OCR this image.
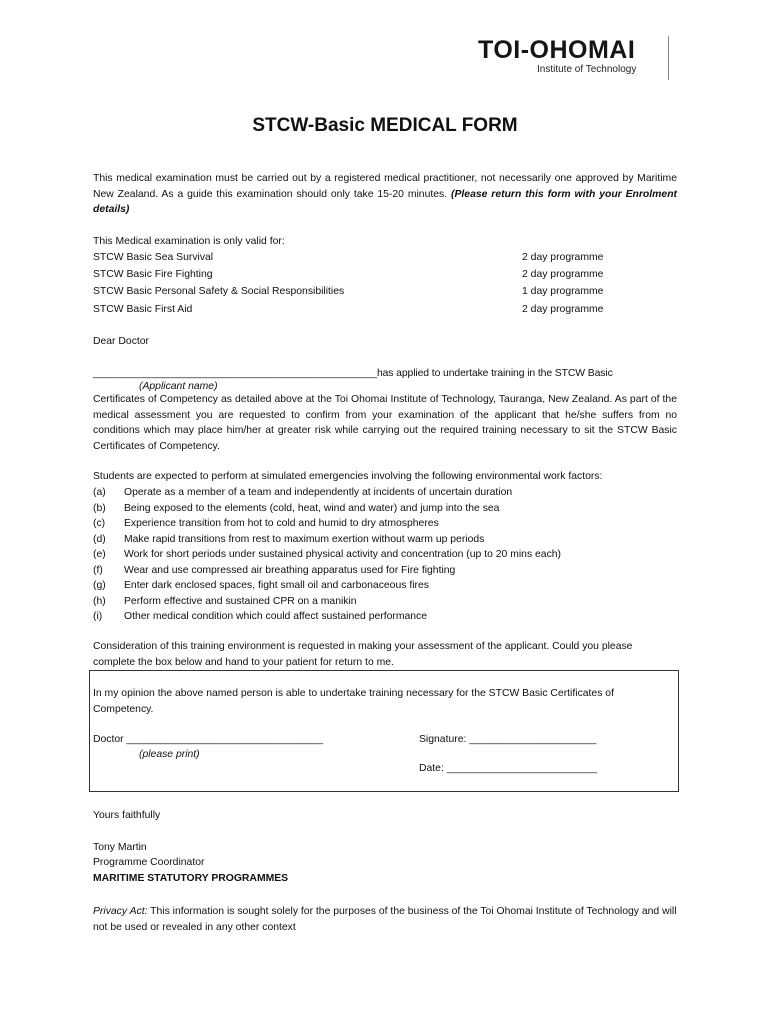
TOI-OHOMAI
Institute of Technology
STCW-Basic MEDICAL FORM
This medical examination must be carried out by a registered medical practitioner, not necessarily one approved by Maritime New Zealand. As a guide this examination should only take 15-20 minutes. (Please return this form with your Enrolment details)
This Medical examination is only valid for:
STCW Basic Sea Survival	2 day programme
STCW Basic Fire Fighting	2 day programme
STCW Basic Personal Safety & Social Responsibilities	1 day programme
STCW Basic First Aid	2 day programme
Dear Doctor
__________________________________________________has applied to undertake training in the STCW Basic
(Applicant name)
Certificates of Competency as detailed above at the Toi Ohomai Institute of Technology, Tauranga, New Zealand. As part of the medical assessment you are requested to confirm from your examination of the applicant that he/she suffers from no conditions which may place him/her at greater risk while carrying out the required training necessary to sit the STCW Basic Certificates of Competency.
Students are expected to perform at simulated emergencies involving the following environmental work factors:
(a) Operate as a member of a team and independently at incidents of uncertain duration
(b) Being exposed to the elements (cold, heat, wind and water) and jump into the sea
(c) Experience transition from hot to cold and humid to dry atmospheres
(d) Make rapid transitions from rest to maximum exertion without warm up periods
(e) Work for short periods under sustained physical activity and concentration (up to 20 mins each)
(f) Wear and use compressed air breathing apparatus used for Fire fighting
(g) Enter dark enclosed spaces, fight small oil and carbonaceous fires
(h) Perform effective and sustained CPR on a manikin
(i) Other medical condition which could affect sustained performance
Consideration of this training environment is requested in making your assessment of the applicant. Could you please complete the box below and hand to your patient for return to me.
In my opinion the above named person is able to undertake training necessary for the STCW Basic Certificates of Competency.
Doctor __________________________________
(please print)
Signature: ______________________
Date: __________________________
Yours faithfully
Tony Martin
Programme Coordinator
MARITIME STATUTORY PROGRAMMES
Privacy Act: This information is sought solely for the purposes of the business of the Toi Ohomai Institute of Technology and will not be used or revealed in any other context
